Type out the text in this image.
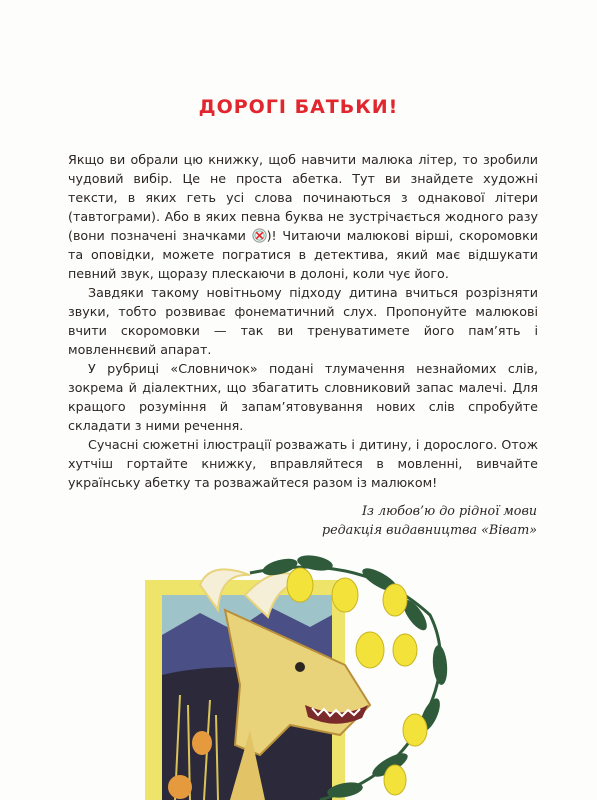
ДОРОГІ БАТЬКИ!

Якщо ви обрали цю книжку, щоб навчити малюка літер, то зробили чудовий вибір. Це не проста абетка. Тут ви знайдете художні тексти, в яких геть усі слова починаються з однакової літери (тавтограми). Або в яких певна буква не зустрічається жодного разу (вони позначені значками )! Читаючи малюкові вірші, скоромовки та оповідки, можете погратися в детектива, який має відшукати певний звук, щоразу плескаючи в долоні, коли чує його.

Завдяки такому новітньому підходу дитина вчиться розрізняти звуки, тобто розвиває фонематичний слух. Пропонуйте малюкові вчити скоромовки — так ви тренуватимете його пам’ять і мовленнєвий апарат.

У рубриці «Словничок» подані тлумачення незнайомих слів, зокрема й діалектних, що збагатить словниковий запас малечі. Для кращого розуміння й запам’ятовування нових слів спробуйте складати з ними речення.

Сучасні сюжетні ілюстрації розважать і дитину, і дорослого. Отож хутчіш гортайте книжку, вправляйтеся в мовленні, вивчайте українську абетку та розважайтеся разом із малюком!

Із любов’ю до рідної мови
редакція видавництва «Віват»
